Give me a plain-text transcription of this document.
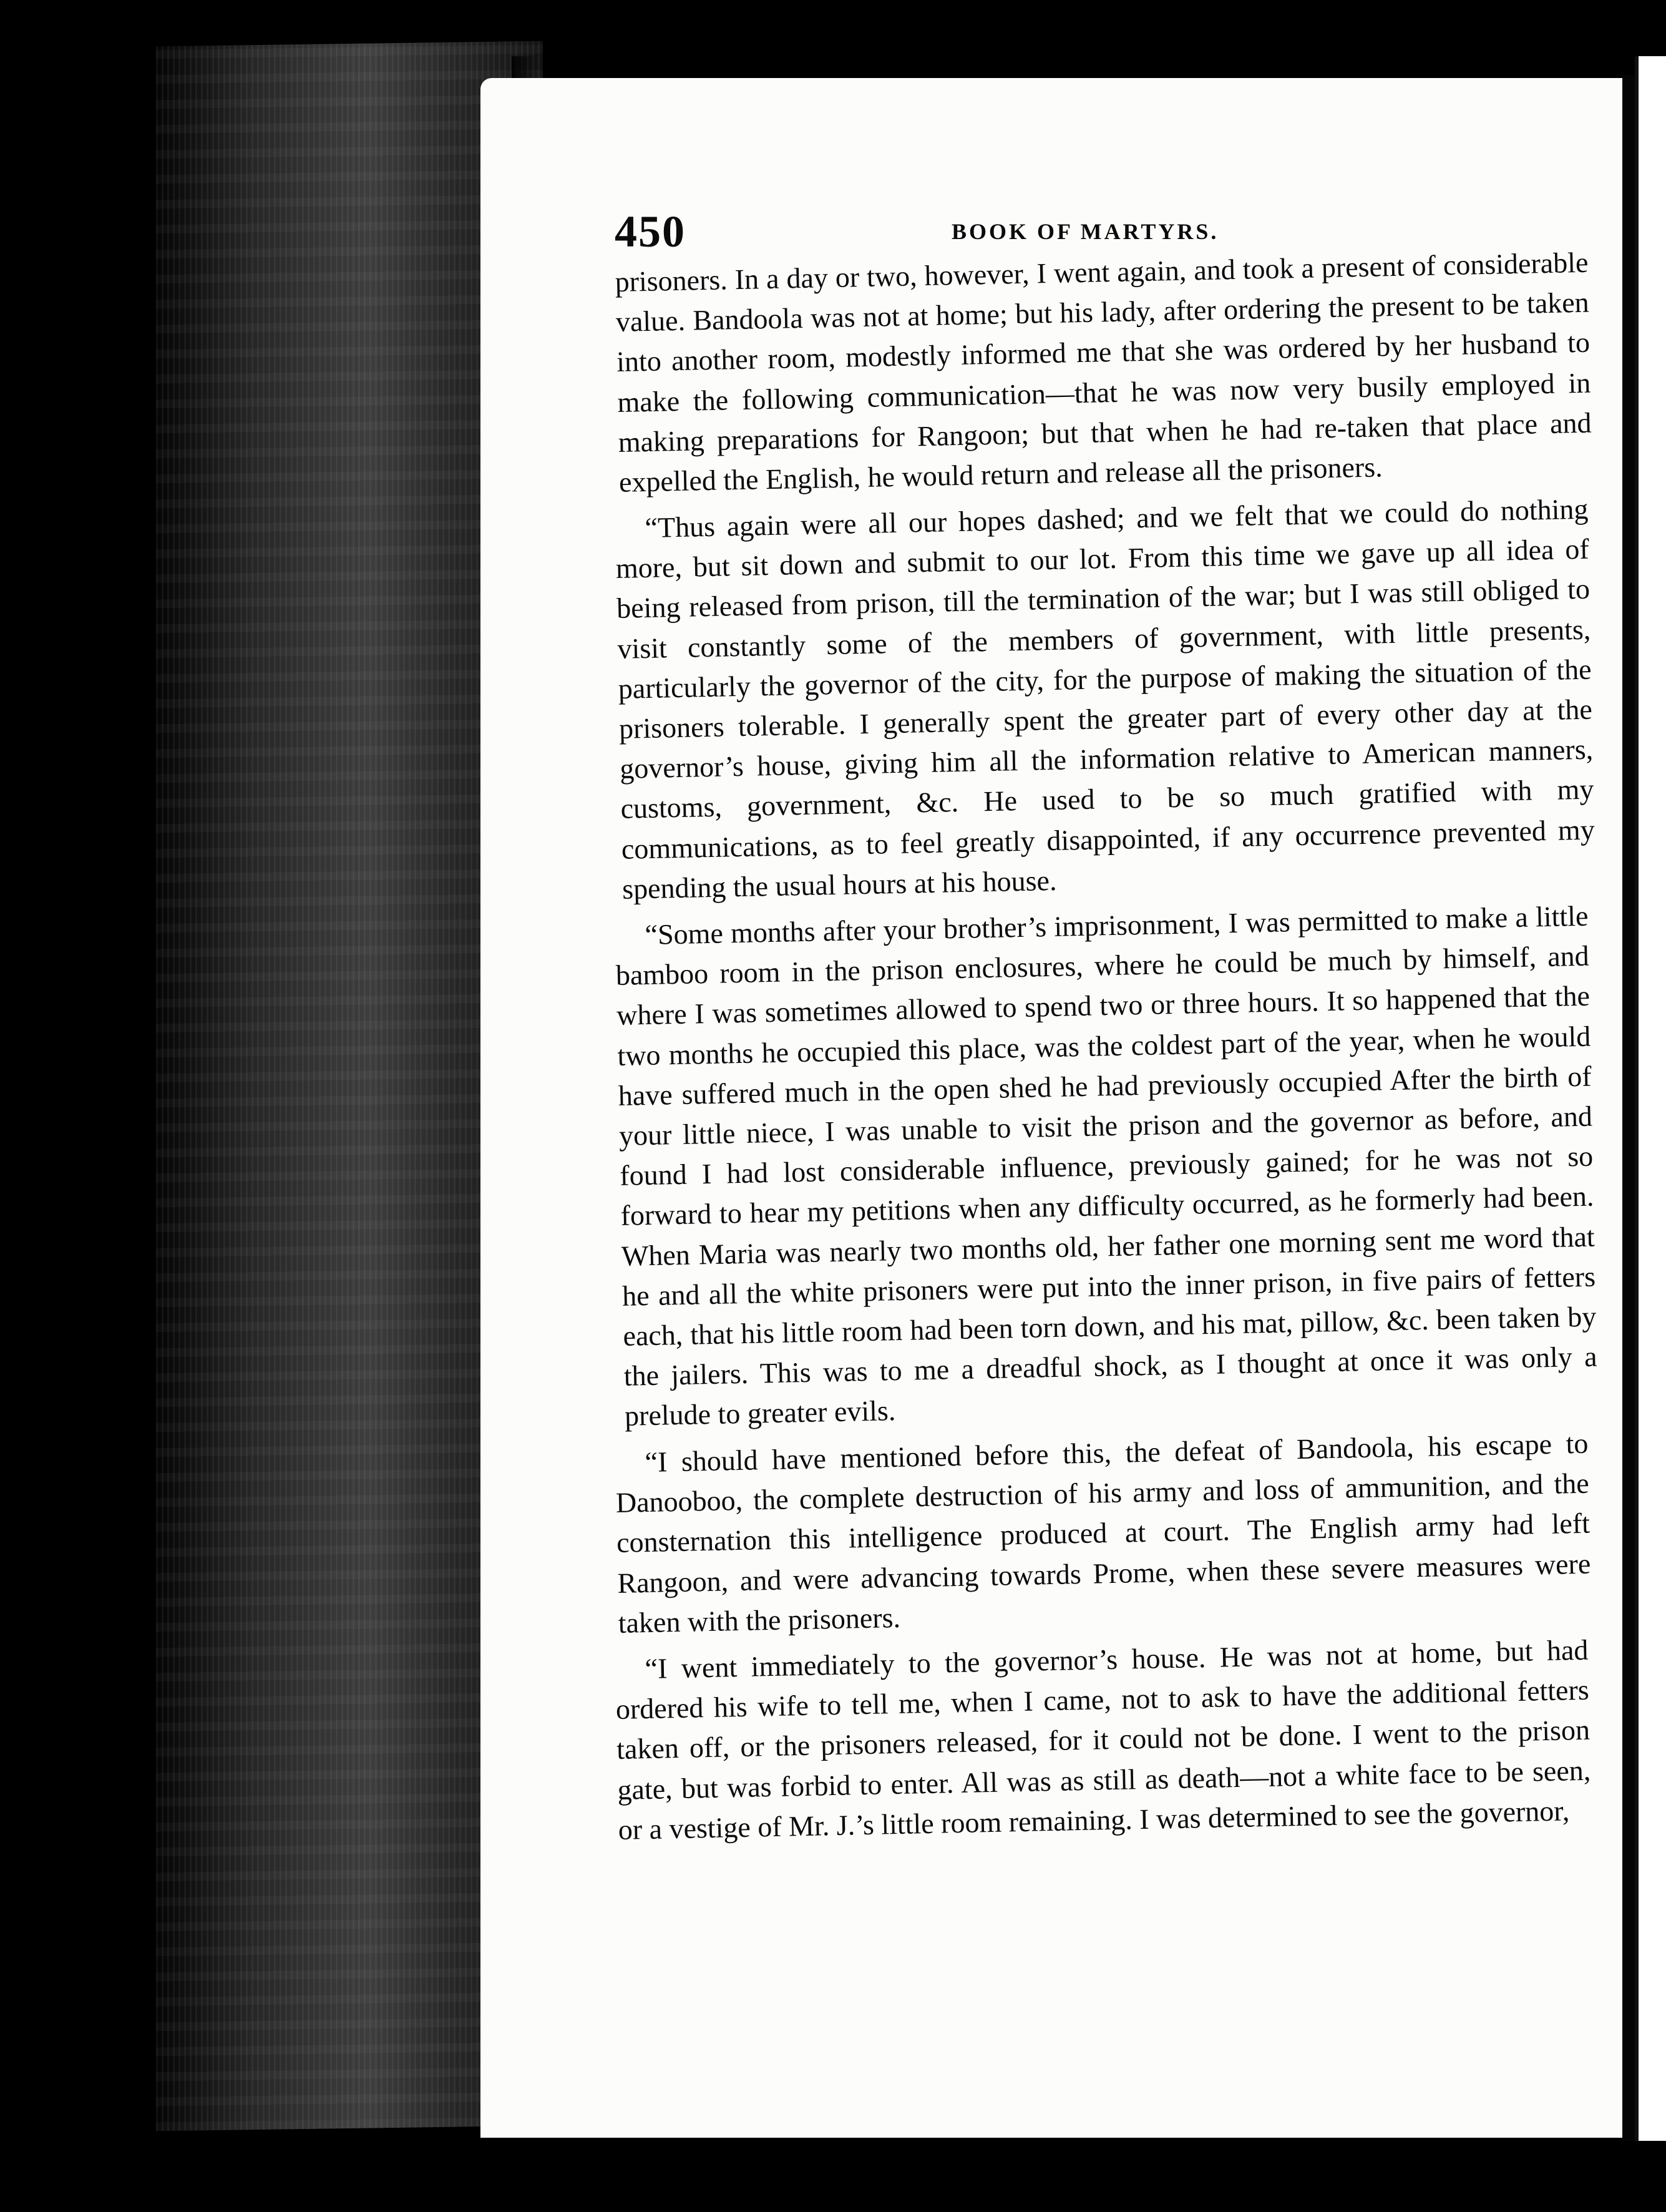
450	BOOK OF MARTYRS.

prisoners. In a day or two, however, I went again, and took a present of considerable value. Bandoola was not at home; but his lady, after ordering the present to be taken into another room, modestly informed me that she was ordered by her husband to make the following communication—that he was now very busily employed in making preparations for Rangoon; but that when he had re-taken that place and expelled the English, he would return and release all the prisoners.

“Thus again were all our hopes dashed; and we felt that we could do nothing more, but sit down and submit to our lot. From this time we gave up all idea of being released from prison, till the termination of the war; but I was still obliged to visit constantly some of the members of government, with little presents, particularly the governor of the city, for the purpose of making the situation of the prisoners tolerable. I generally spent the greater part of every other day at the governor’s house, giving him all the information relative to American manners, customs, government, &c. He used to be so much gratified with my communications, as to feel greatly disappointed, if any occurrence prevented my spending the usual hours at his house.

“Some months after your brother’s imprisonment, I was permitted to make a little bamboo room in the prison enclosures, where he could be much by himself, and where I was sometimes allowed to spend two or three hours. It so happened that the two months he occupied this place, was the coldest part of the year, when he would have suffered much in the open shed he had previously occupied After the birth of your little niece, I was unable to visit the prison and the governor as before, and found I had lost considerable influence, previously gained; for he was not so forward to hear my petitions when any difficulty occurred, as he formerly had been. When Maria was nearly two months old, her father one morning sent me word that he and all the white prisoners were put into the inner prison, in five pairs of fetters each, that his little room had been torn down, and his mat, pillow, &c. been taken by the jailers. This was to me a dreadful shock, as I thought at once it was only a prelude to greater evils.

“I should have mentioned before this, the defeat of Bandoola, his escape to Danooboo, the complete destruction of his army and loss of ammunition, and the consternation this intelligence produced at court. The English army had left Rangoon, and were advancing towards Prome, when these severe measures were taken with the prisoners.

“I went immediately to the governor’s house. He was not at home, but had ordered his wife to tell me, when I came, not to ask to have the additional fetters taken off, or the prisoners released, for it could not be done. I went to the prison gate, but was forbid to enter. All was as still as death—not a white face to be seen, or a vestige of Mr. J.’s little room remaining. I was determined to see the governor,
